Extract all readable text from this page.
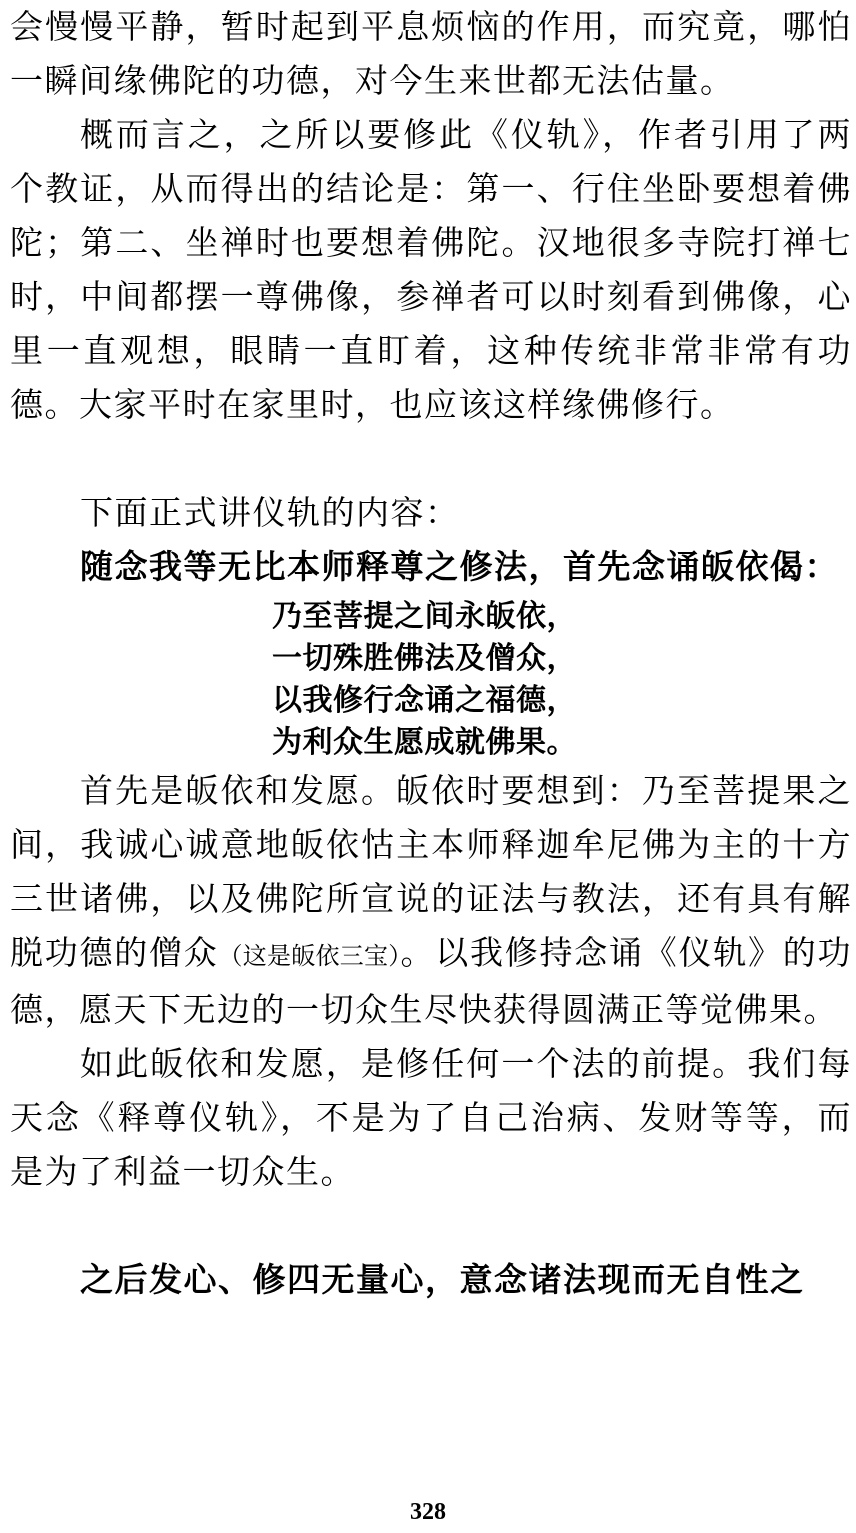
会慢慢平静，暂时起到平息烦恼的作用，而究竟，哪怕一瞬间缘佛陀的功德，对今生来世都无法估量。

概而言之，之所以要修此《仪轨》，作者引用了两个教证，从而得出的结论是：第一、行住坐卧要想着佛陀；第二、坐禅时也要想着佛陀。汉地很多寺院打禅七时，中间都摆一尊佛像，参禅者可以时刻看到佛像，心里一直观想，眼睛一直盯着，这种传统非常非常有功德。大家平时在家里时，也应该这样缘佛修行。

下面正式讲仪轨的内容：

随念我等无比本师释尊之修法，首先念诵皈依偈：

乃至菩提之间永皈依，
一切殊胜佛法及僧众，
以我修行念诵之福德，
为利众生愿成就佛果。

首先是皈依和发愿。皈依时要想到：乃至菩提果之间，我诚心诚意地皈依怙主本师释迦牟尼佛为主的十方三世诸佛，以及佛陀所宣说的证法与教法，还有具有解脱功德的僧众（这是皈依三宝）。以我修持念诵《仪轨》的功德，愿天下无边的一切众生尽快获得圆满正等觉佛果。

如此皈依和发愿，是修任何一个法的前提。我们每天念《释尊仪轨》，不是为了自己治病、发财等等，而是为了利益一切众生。

之后发心、修四无量心，意念诸法现而无自性之

328
